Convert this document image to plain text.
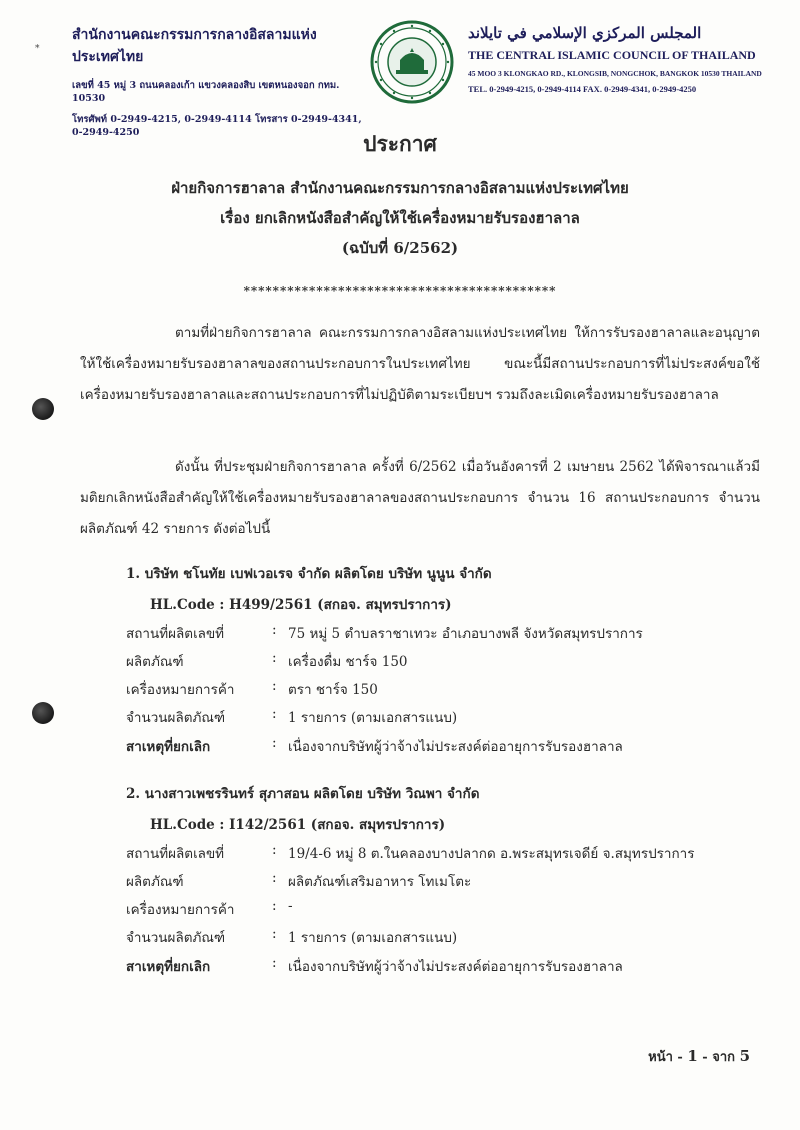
*
สำนักงานคณะกรรมการกลางอิสลามแห่งประเทศไทย
เลขที่ 45 หมู่ 3 ถนนคลองเก้า แขวงคลองสิบ เขตหนองจอก กทม. 10530
โทรศัพท์ 0-2949-4215, 0-2949-4114 โทรสาร 0-2949-4341, 0-2949-4250
المجلس المركزي الإسلامي في تايلاند
THE CENTRAL ISLAMIC COUNCIL OF THAILAND
45 MOO 3 KLONGKAO RD., KLONGSIB, NONGCHOK, BANGKOK 10530 THAILAND
TEL. 0-2949-4215, 0-2949-4114 FAX. 0-2949-4341, 0-2949-4250
ประกาศ
ฝ่ายกิจการฮาลาล สำนักงานคณะกรรมการกลางอิสลามแห่งประเทศไทย
เรื่อง ยกเลิกหนังสือสำคัญให้ใช้เครื่องหมายรับรองฮาลาล
(ฉบับที่ 6/2562)
*******************************************
ตามที่ฝ่ายกิจการฮาลาล คณะกรรมการกลางอิสลามแห่งประเทศไทย ให้การรับรองฮาลาลและอนุญาตให้ใช้เครื่องหมายรับรองฮาลาลของสถานประกอบการในประเทศไทย ขณะนี้มีสถานประกอบการที่ไม่ประสงค์ขอใช้เครื่องหมายรับรองฮาลาลและสถานประกอบการที่ไม่ปฏิบัติตามระเบียบฯ รวมถึงละเมิดเครื่องหมายรับรองฮาลาล
ดังนั้น ที่ประชุมฝ่ายกิจการฮาลาล ครั้งที่ 6/2562 เมื่อวันอังคารที่ 2 เมษายน 2562 ได้พิจารณาแล้วมีมติยกเลิกหนังสือสำคัญให้ใช้เครื่องหมายรับรองฮาลาลของสถานประกอบการ จำนวน 16 สถานประกอบการ จำนวนผลิตภัณฑ์ 42 รายการ ดังต่อไปนี้
1. บริษัท ชโนทัย เบฟเวอเรจ จำกัด ผลิตโดย บริษัท นูนูน จำกัด
HL.Code : H499/2561 (สกอจ. สมุทรปราการ)
สถานที่ผลิตเลขที่	: 75 หมู่ 5 ตำบลราชาเทวะ อำเภอบางพลี จังหวัดสมุทรปราการ
ผลิตภัณฑ์	: เครื่องดื่ม ชาร์จ 150
เครื่องหมายการค้า	: ตรา ชาร์จ 150
จำนวนผลิตภัณฑ์	: 1 รายการ (ตามเอกสารแนบ)
สาเหตุที่ยกเลิก	: เนื่องจากบริษัทผู้ว่าจ้างไม่ประสงค์ต่ออายุการรับรองฮาลาล
2. นางสาวเพชรรินทร์ สุภาสอน ผลิตโดย บริษัท วิณพา จำกัด
HL.Code : I142/2561 (สกอจ. สมุทรปราการ)
สถานที่ผลิตเลขที่	: 19/4-6 หมู่ 8 ต.ในคลองบางปลากด อ.พระสมุทรเจดีย์ จ.สมุทรปราการ
ผลิตภัณฑ์	: ผลิตภัณฑ์เสริมอาหาร โทเมโตะ
เครื่องหมายการค้า	: -
จำนวนผลิตภัณฑ์	: 1 รายการ (ตามเอกสารแนบ)
สาเหตุที่ยกเลิก	: เนื่องจากบริษัทผู้ว่าจ้างไม่ประสงค์ต่ออายุการรับรองฮาลาล
หน้า - 1 - จาก 5
